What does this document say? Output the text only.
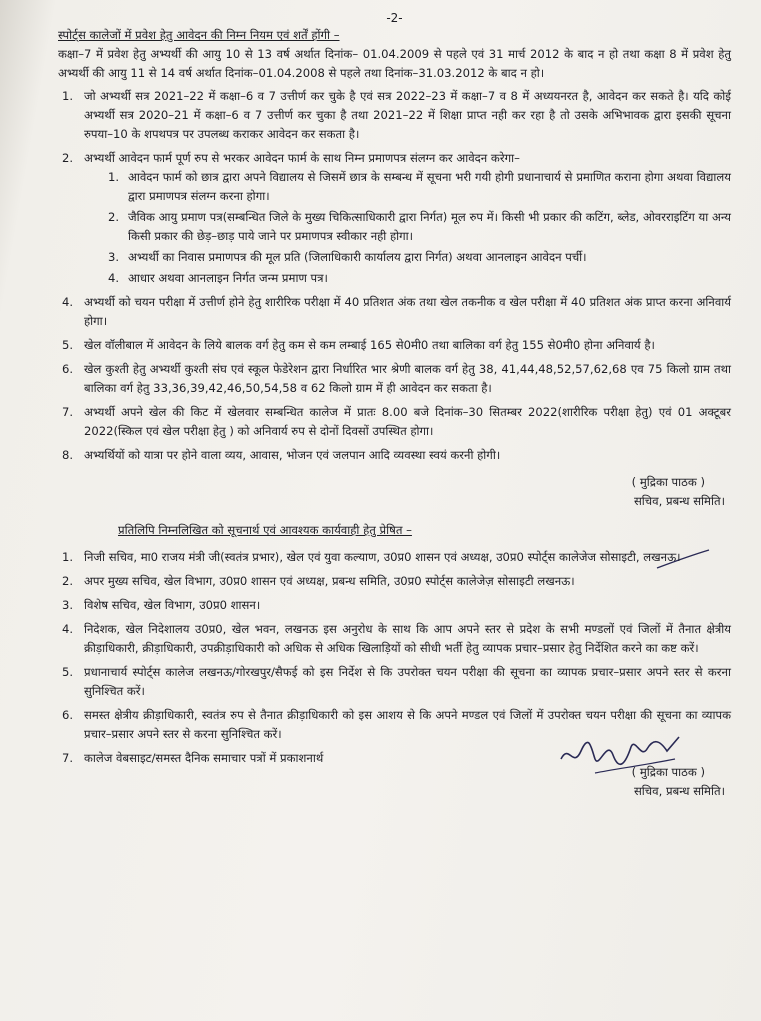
-2-

स्पोर्ट्स कालेजों में प्रवेश हेतु आवेदन की निम्न नियम एवं शर्तें होंगी –

कक्षा–7 में प्रवेश हेतु अभ्यर्थी की आयु 10 से 13 वर्ष अर्थात दिनांक– 01.04.2009 से पहले एवं 31 मार्च 2012 के बाद न हो तथा कक्षा 8 में प्रवेश हेतु अभ्यर्थी की आयु 11 से 14 वर्ष अर्थात दिनांक–01.04.2008 से पहले तथा दिनांक–31.03.2012 के बाद न हो।

1. जो अभ्यर्थी सत्र 2021–22 में कक्षा–6 व 7 उत्तीर्ण कर चुके है एवं सत्र 2022–23 में कक्षा–7 व 8 में अध्ययनरत है, आवेदन कर सकते है। यदि कोई अभ्यर्थी सत्र 2020–21 में कक्षा–6 व 7 उत्तीर्ण कर चुका है तथा 2021–22 में शिक्षा प्राप्त नही कर रहा है तो उसके अभिभावक द्वारा इसकी सूचना रुपया–10 के शपथपत्र पर उपलब्ध कराकर आवेदन कर सकता है।
2. अभ्यर्थी आवेदन फार्म पूर्ण रुप से भरकर आवेदन फार्म के साथ निम्न प्रमाणपत्र संलग्न कर आवेदन करेगा–
1. आवेदन फार्म को छात्र द्वारा अपने विद्यालय से जिसमें छात्र के सम्बन्ध में सूचना भरी गयी होगी प्रधानाचार्य से प्रमाणित कराना होगा अथवा विद्यालय द्वारा प्रमाणपत्र संलग्न करना होगा।
2. जैविक आयु प्रमाण पत्र(सम्बन्धित जिले के मुख्य चिकित्साधिकारी द्वारा निर्गत) मूल रुप में। किसी भी प्रकार की कटिंग, ब्लेड, ओवरराइटिंग या अन्य किसी प्रकार की छेड़–छाड़ पाये जाने पर प्रमाणपत्र स्वीकार नही होगा।
3. अभ्यर्थी का निवास प्रमाणपत्र की मूल प्रति (जिलाधिकारी कार्यालय द्वारा निर्गत) अथवा आनलाइन आवेदन पर्ची।
4. आधार अथवा आनलाइन निर्गत जन्म प्रमाण पत्र।
4. अभ्यर्थी को चयन परीक्षा में उत्तीर्ण होने हेतु शारीरिक परीक्षा में 40 प्रतिशत अंक तथा खेल तकनीक व खेल परीक्षा में 40 प्रतिशत अंक प्राप्त करना अनिवार्य होगा।
5. खेल वॉलीबाल में आवेदन के लिये बालक वर्ग हेतु कम से कम लम्बाई 165 से0मी0 तथा बालिका वर्ग हेतु 155 से0मी0 होना अनिवार्य है।
6. खेल कुश्ती हेतु अभ्यर्थी कुश्ती संघ एवं स्कूल फेडेरेशन द्वारा निर्धारित भार श्रेणी बालक वर्ग हेतु 38, 41,44,48,52,57,62,68 एव 75 किलो ग्राम तथा बालिका वर्ग हेतु 33,36,39,42,46,50,54,58 व 62 किलो ग्राम में ही आवेदन कर सकता है।
7. अभ्यर्थी अपने खेल की किट में खेलवार सम्बन्धित कालेज में प्रातः 8.00 बजे दिनांक–30 सितम्बर 2022(शारीरिक परीक्षा हेतु) एवं 01 अक्टूबर 2022(स्किल एवं खेल परीक्षा हेतु ) को अनिवार्य रुप से दोनों दिवसों उपस्थित होगा।
8. अभ्यर्थियों को यात्रा पर होने वाला व्यय, आवास, भोजन एवं जलपान आदि व्यवस्था स्वयं करनी होगी।
( मुद्रिका पाठक )
सचिव, प्रबन्ध समिति।

प्रतिलिपि निम्नलिखित को सूचनार्थ एवं आवश्यक कार्यवाही हेतु प्रेषित –

1. निजी सचिव, मा0 राजय मंत्री जी(स्वतंत्र प्रभार), खेल एवं युवा कल्याण, उ0प्र0 शासन एवं अध्यक्ष, उ0प्र0 स्पोर्ट्स कालेजेज सोसाइटी, लखनऊ।
2. अपर मुख्य सचिव, खेल विभाग, उ0प्र0 शासन एवं अध्यक्ष, प्रबन्ध समिति, उ0प्र0 स्पोर्ट्स कालेजेज़ सोसाइटी लखनऊ।
3. विशेष सचिव, खेल विभाग, उ0प्र0 शासन।
4. निदेशक, खेल निदेशालय उ0प्र0, खेल भवन, लखनऊ इस अनुरोध के साथ कि आप अपने स्तर से प्रदेश के सभी मण्डलों एवं जिलों में तैनात क्षेत्रीय क्रीड़ाधिकारी, क्रीड़ाधिकारी, उपक्रीड़ाधिकारी को अधिक से अधिक खिलाड़ियों को सीधी भर्ती हेतु व्यापक प्रचार–प्रसार हेतु निर्देशित करने का कष्ट करें।
5. प्रधानाचार्य स्पोर्ट्स कालेज लखनऊ/गोरखपुर/सैफई को इस निर्देश से कि उपरोक्त चयन परीक्षा की सूचना का व्यापक प्रचार–प्रसार अपने स्तर से करना सुनिश्चित करें।
6. समस्त क्षेत्रीय क्रीड़ाधिकारी, स्वतंत्र रुप से तैनात क्रीड़ाधिकारी को इस आशय से कि अपने मण्डल एवं जिलों में उपरोक्त चयन परीक्षा की सूचना का व्यापक प्रचार–प्रसार अपने स्तर से करना सुनिश्चित करें।
7. कालेज वेबसाइट/समस्त दैनिक समाचार पत्रों में प्रकाशनार्थ
( मुद्रिका पाठक )
सचिव, प्रबन्ध समिति।
